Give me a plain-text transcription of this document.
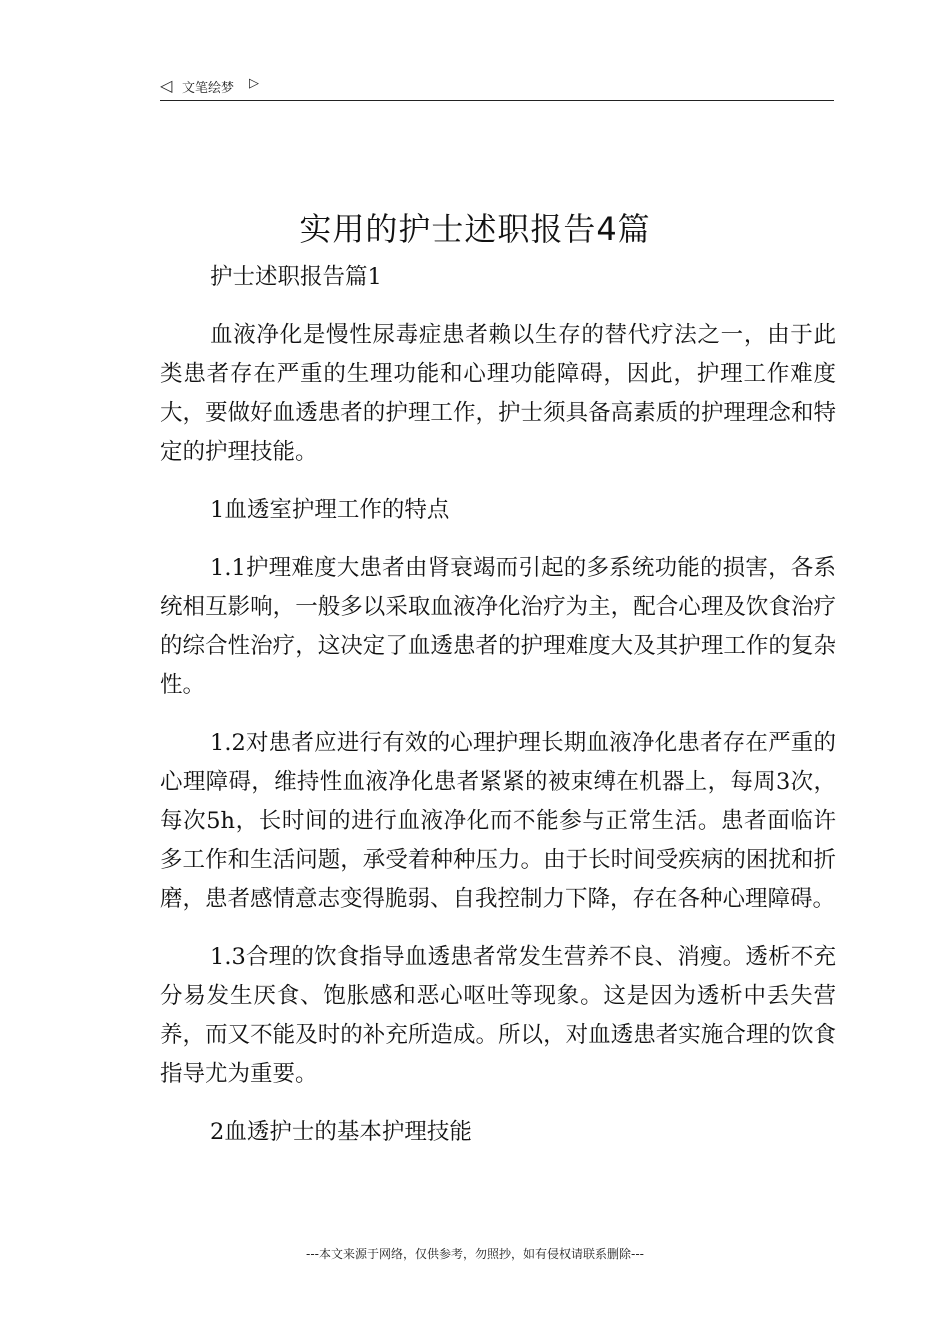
◁ 文笔绘梦 ▷
实用的护士述职报告4篇

护士述职报告篇1

血液净化是慢性尿毒症患者赖以生存的替代疗法之一，由于此类患者存在严重的生理功能和心理功能障碍，因此，护理工作难度大，要做好血透患者的护理工作，护士须具备高素质的护理理念和特定的护理技能。

1血透室护理工作的特点

1.1护理难度大患者由肾衰竭而引起的多系统功能的损害，各系统相互影响，一般多以采取血液净化治疗为主，配合心理及饮食治疗的综合性治疗，这决定了血透患者的护理难度大及其护理工作的复杂性。

1.2对患者应进行有效的心理护理长期血液净化患者存在严重的心理障碍，维持性血液净化患者紧紧的被束缚在机器上，每周3次，每次5h，长时间的进行血液净化而不能参与正常生活。患者面临许多工作和生活问题，承受着种种压力。由于长时间受疾病的困扰和折磨，患者感情意志变得脆弱、自我控制力下降，存在各种心理障碍。

1.3合理的饮食指导血透患者常发生营养不良、消瘦。透析不充分易发生厌食、饱胀感和恶心呕吐等现象。这是因为透析中丢失营养，而又不能及时的补充所造成。所以，对血透患者实施合理的饮食指导尤为重要。

2血透护士的基本护理技能

---本文来源于网络，仅供参考，勿照抄，如有侵权请联系删除---
